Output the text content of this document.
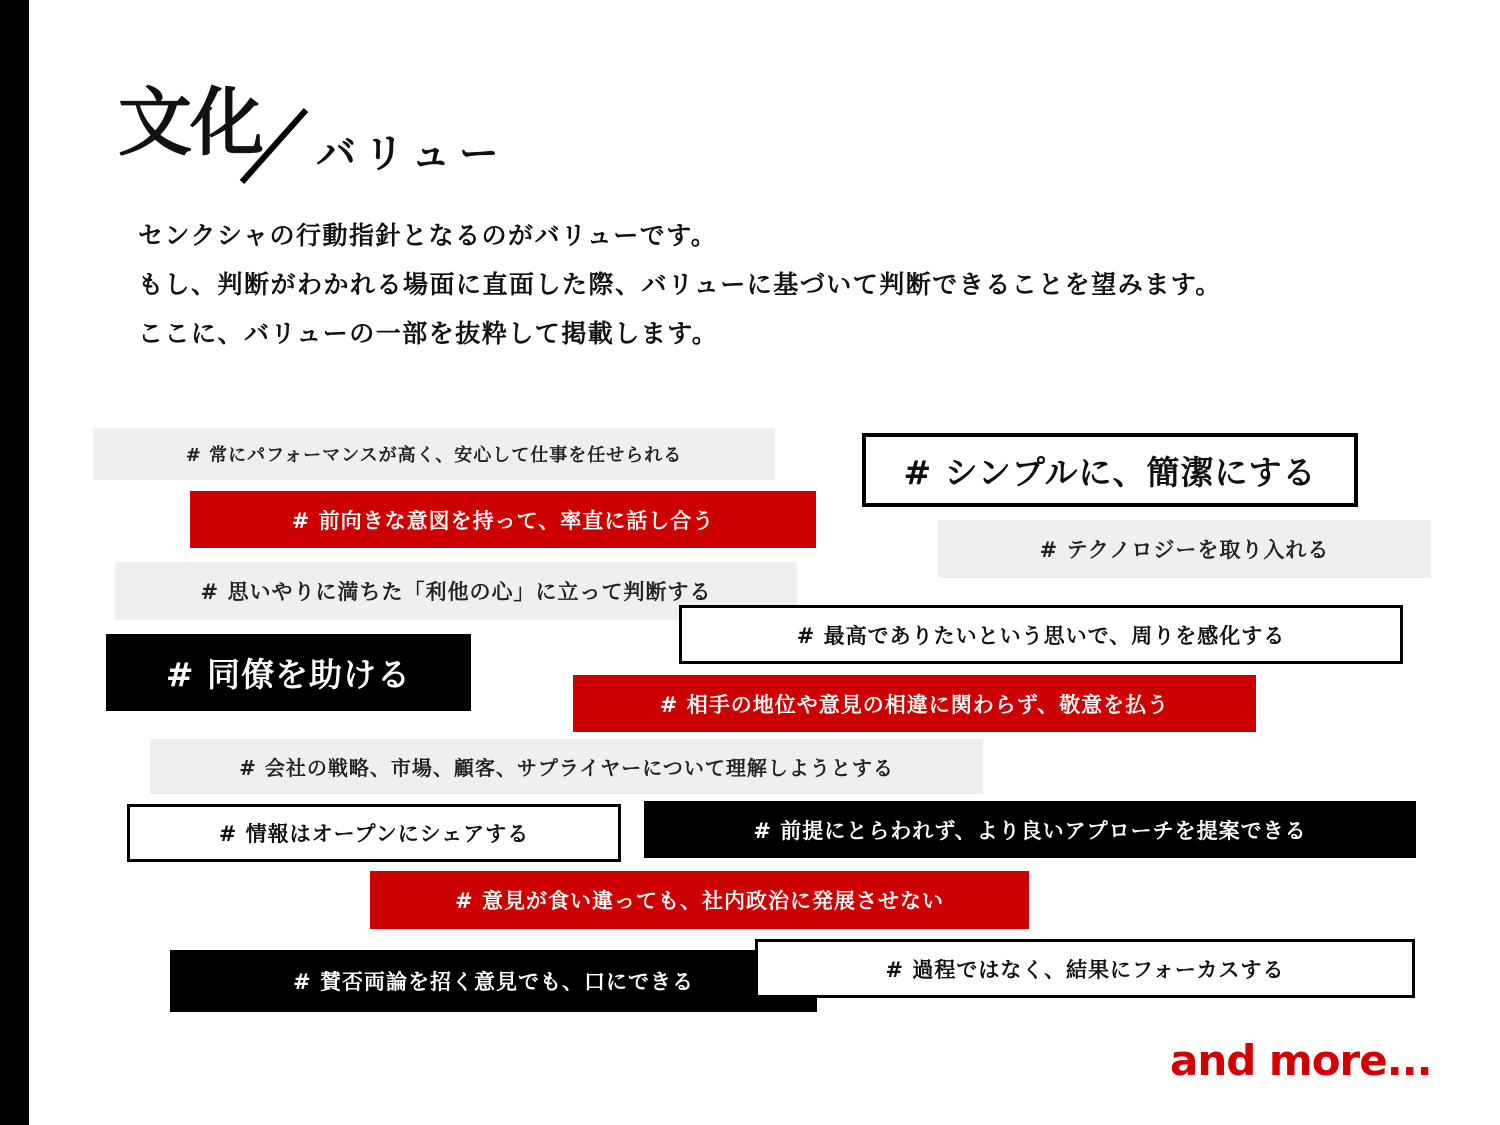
文化 バリュー

センクシャの行動指針となるのがバリューです。

もし、判断がわかれる場面に直面した際、バリューに基づいて判断できることを望みます。

ここに、バリューの一部を抜粋して掲載します。

# 常にパフォーマンスが高く、安心して仕事を任せられる	# シンプルに、簡潔にする
# 前向きな意図を持って、率直に話し合う
# テクノロジーを取り入れる
# 思いやりに満ちた「利他の心」に立って判断する
# 最高でありたいという思いで、周りを感化する
# 同僚を助ける
# 相手の地位や意見の相違に関わらず、敬意を払う
# 会社の戦略、市場、顧客、サプライヤーについて理解しようとする
# 情報はオープンにシェアする	# 前提にとらわれず、より良いアプローチを提案できる
# 意見が食い違っても、社内政治に発展させない
# 賛否両論を招く意見でも、口にできる
# 過程ではなく、結果にフォーカスする
and more...
